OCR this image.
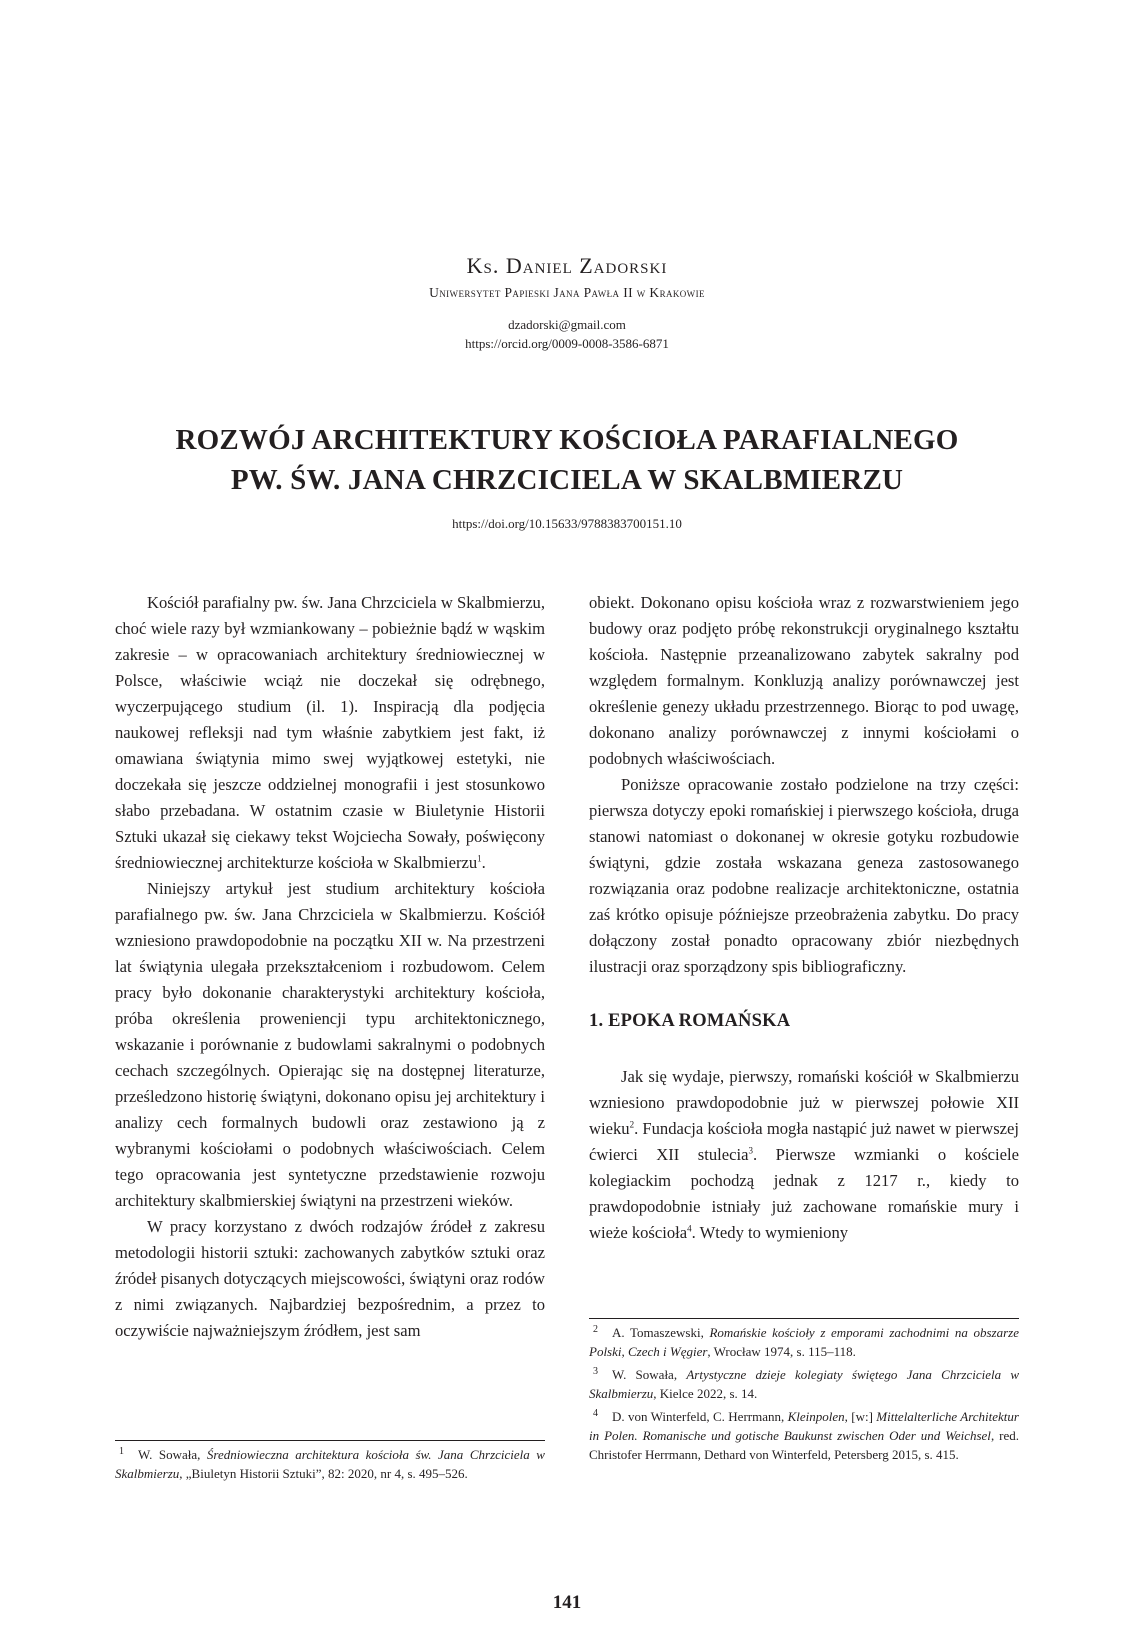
Ks. Daniel Zadorski
Uniwersytet Papieski Jana Pawła II w Krakowie
dzadorski@gmail.com
https://orcid.org/0009-0008-3586-6871
ROZWÓJ ARCHITEKTURY KOŚCIOŁA PARAFIALNEGO
PW. ŚW. JANA CHRZCICIELA W SKALBMIERZU
https://doi.org/10.15633/9788383700151.10

Kościół parafialny pw. św. Jana Chrzciciela w Skalbmierzu, choć wiele razy był wzmiankowany – pobieżnie bądź w wąskim zakresie – w opracowaniach architektury średniowiecznej w Polsce, właściwie wciąż nie doczekał się odrębnego, wyczerpującego studium (il. 1). Inspiracją dla podjęcia naukowej refleksji nad tym właśnie zabytkiem jest fakt, iż omawiana świątynia mimo swej wyjątkowej estetyki, nie doczekała się jeszcze oddzielnej monografii i jest stosunkowo słabo przebadana. W ostatnim czasie w Biuletynie Historii Sztuki ukazał się ciekawy tekst Wojciecha Sowały, poświęcony średniowiecznej architekturze kościoła w Skalbmierzu$^1$.

Niniejszy artykuł jest studium architektury kościoła parafialnego pw. św. Jana Chrzciciela w Skalbmierzu. Kościół wzniesiono prawdopodobnie na początku XII w. Na przestrzeni lat świątynia ulegała przekształceniom i rozbudowom. Celem pracy było dokonanie charakterystyki architektury kościoła, próba określenia proweniencji typu architektonicznego, wskazanie i porównanie z budowlami sakralnymi o podobnych cechach szczególnych. Opierając się na dostępnej literaturze, prześledzono historię świątyni, dokonano opisu jej architektury i analizy cech formalnych budowli oraz zestawiono ją z wybranymi kościołami o podobnych właściwościach. Celem tego opracowania jest syntetyczne przedstawienie rozwoju architektury skalbmierskiej świątyni na przestrzeni wieków.

W pracy korzystano z dwóch rodzajów źródeł z zakresu metodologii historii sztuki: zachowanych zabytków sztuki oraz źródeł pisanych dotyczących miejscowości, świątyni oraz rodów z nimi związanych. Najbardziej bezpośrednim, a przez to oczywiście najważniejszym źródłem, jest sam

obiekt. Dokonano opisu kościoła wraz z rozwarstwieniem jego budowy oraz podjęto próbę rekonstrukcji oryginalnego kształtu kościoła. Następnie przeanalizowano zabytek sakralny pod względem formalnym. Konkluzją analizy porównawczej jest określenie genezy układu przestrzennego. Biorąc to pod uwagę, dokonano analizy porównawczej z innymi kościołami o podobnych właściwościach.

Poniższe opracowanie zostało podzielone na trzy części: pierwsza dotyczy epoki romańskiej i pierwszego kościoła, druga stanowi natomiast o dokonanej w okresie gotyku rozbudowie świątyni, gdzie została wskazana geneza zastosowanego rozwiązania oraz podobne realizacje architektoniczne, ostatnia zaś krótko opisuje późniejsze przeobrażenia zabytku. Do pracy dołączony został ponadto opracowany zbiór niezbędnych ilustracji oraz sporządzony spis bibliograficzny.

1. EPOKA ROMAŃSKA

Jak się wydaje, pierwszy, romański kościół w Skalbmierzu wzniesiono prawdopodobnie już w pierwszej połowie XII wieku$^2$. Fundacja kościoła mogła nastąpić już nawet w pierwszej ćwierci XII stulecia$^3$. Pierwsze wzmianki o kościele kolegiackim pochodzą jednak z 1217 r., kiedy to prawdopodobnie istniały już zachowane romańskie mury i wieże kościoła$^4$. Wtedy to wymieniony

$^1$ W. Sowała, Średniowieczna architektura kościoła św. Jana Chrzciciela w Skalbmierzu, „Biuletyn Historii Sztuki”, 82: 2020, nr 4, s. 495–526.
$^2$ A. Tomaszewski, Romańskie kościoły z emporami zachodnimi na obszarze Polski, Czech i Węgier, Wrocław 1974, s. 115–118.
$^3$ W. Sowała, Artystyczne dzieje kolegiaty świętego Jana Chrzciciela w Skalbmierzu, Kielce 2022, s. 14.
$^4$ D. von Winterfeld, C. Herrmann, Kleinpolen, [w:] Mittelalterliche Architektur in Polen. Romanische und gotische Baukunst zwischen Oder und Weichsel, red. Christofer Herrmann, Dethard von Winterfeld, Petersberg 2015, s. 415.
141
